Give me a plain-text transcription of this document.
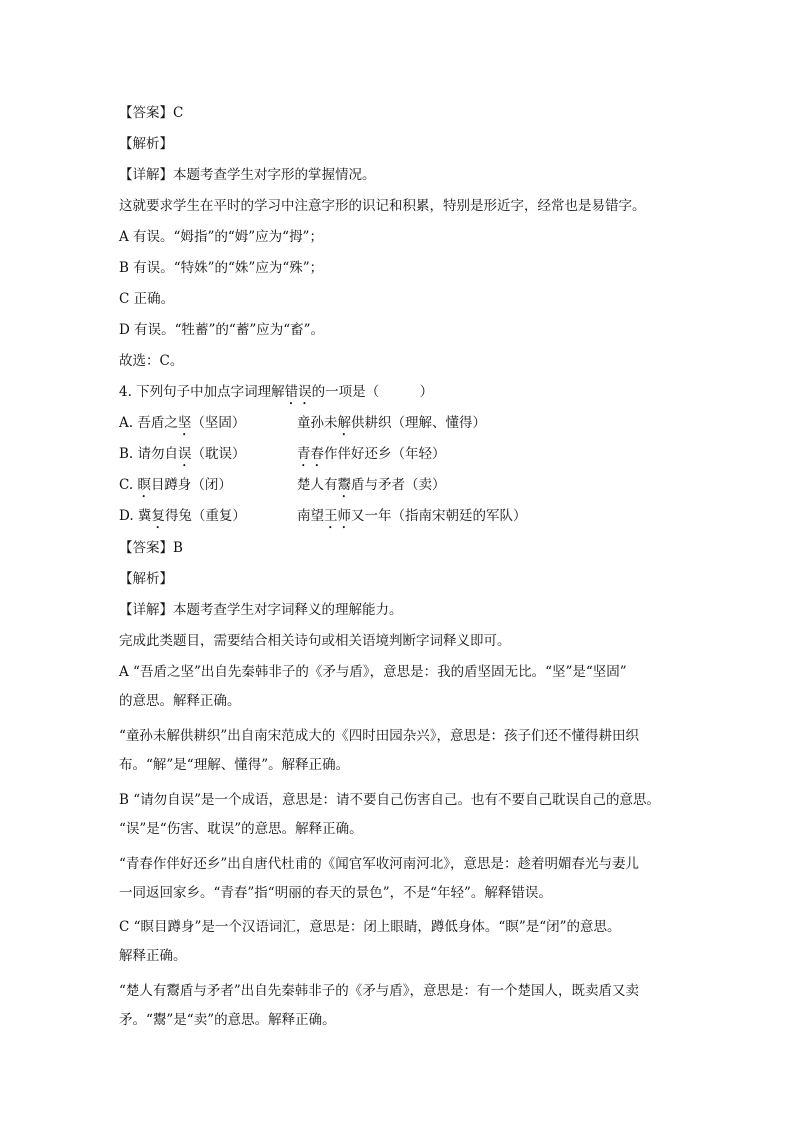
【答案】C
【解析】
【详解】本题考查学生对字形的掌握情况。
这就要求学生在平时的学习中注意字形的识记和积累，特别是形近字，经常也是易错字。
A 有误。“姆指”的“姆”应为“拇”；
B 有误。“特姝”的“姝”应为“殊”；
C 正确。
D 有误。“牲蓄”的“蓄”应为“畜”。
故选：C。
4. 下列句子中加点字词理解错误的一项是（　　　）
A. 吾盾之坚（坚固）	童孙未解供耕织（理解、懂得）
B. 请勿自误（耽误）	青春作伴好还乡（年轻）
C. 瞑目蹲身（闭）	楚人有鬻盾与矛者（卖）
D. 冀复得兔（重复）	南望王师又一年（指南宋朝廷的军队）
【答案】B
【解析】
【详解】本题考查学生对字词释义的理解能力。
完成此类题目，需要结合相关诗句或相关语境判断字词释义即可。
A “吾盾之坚”出自先秦韩非子的《矛与盾》，意思是：我的盾坚固无比。“坚”是“坚固”
的意思。解释正确。
“童孙未解供耕织”出自南宋范成大的《四时田园杂兴》，意思是：孩子们还不懂得耕田织
布。“解”是“理解、懂得”。解释正确。
B “请勿自误”是一个成语，意思是：请不要自己伤害自己。也有不要自己耽误自己的意思。
“误”是“伤害、耽误”的意思。解释正确。
“青春作伴好还乡”出自唐代杜甫的《闻官军收河南河北》，意思是：趁着明媚春光与妻儿
一同返回家乡。“青春”指“明丽的春天的景色”，不是“年轻”。解释错误。
C “瞑目蹲身”是一个汉语词汇，意思是：闭上眼睛，蹲低身体。“瞑”是“闭”的意思。
解释正确。
“楚人有鬻盾与矛者”出自先秦韩非子的《矛与盾》，意思是：有一个楚国人，既卖盾又卖
矛。“鬻”是“卖”的意思。解释正确。
